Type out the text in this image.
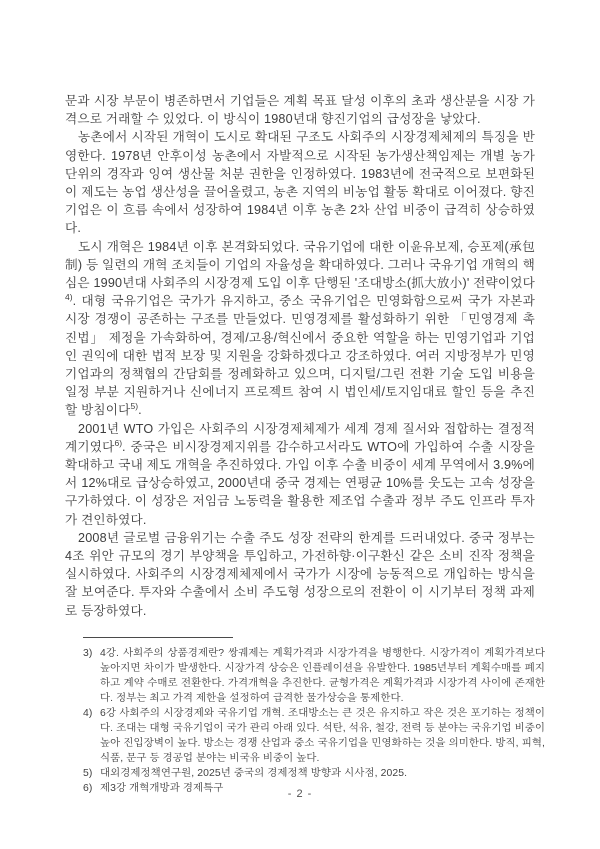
문과 시장 부문이 병존하면서 기업들은 계획 목표 달성 이후의 초과 생산분을 시장 가격으로 거래할 수 있었다. 이 방식이 1980년대 향진기업의 급성장을 낳았다.

농촌에서 시작된 개혁이 도시로 확대된 구조도 사회주의 시장경제체제의 특징을 반영한다. 1978년 안후이성 농촌에서 자발적으로 시작된 농가생산책임제는 개별 농가 단위의 경작과 잉여 생산물 처분 권한을 인정하였다. 1983년에 전국적으로 보편화된 이 제도는 농업 생산성을 끌어올렸고, 농촌 지역의 비농업 활동 확대로 이어졌다. 향진기업은 이 흐름 속에서 성장하여 1984년 이후 농촌 2차 산업 비중이 급격히 상승하였다.

도시 개혁은 1984년 이후 본격화되었다. 국유기업에 대한 이윤유보제, 승포제(承包制) 등 일련의 개혁 조치들이 기업의 자율성을 확대하였다. 그러나 국유기업 개혁의 핵심은 1990년대 사회주의 시장경제 도입 이후 단행된 '조대방소(抓大放小)' 전략이었다$^{4)}$. 대형 국유기업은 국가가 유지하고, 중소 국유기업은 민영화함으로써 국가 자본과 시장 경쟁이 공존하는 구조를 만들었다. 민영경제를 활성화하기 위한 「민영경제 촉진법」 제정을 가속화하여, 경제/고용/혁신에서 중요한 역할을 하는 민영기업과 기업인 권익에 대한 법적 보장 및 지원을 강화하겠다고 강조하였다. 여러 지방정부가 민영기업과의 정책협의 간담회를 정례화하고 있으며, 디지털/그린 전환 기술 도입 비용을 일정 부분 지원하거나 신에너지 프로젝트 참여 시 법인세/토지임대료 할인 등을 추진할 방침이다$^{5)}$.

2001년 WTO 가입은 사회주의 시장경제체제가 세계 경제 질서와 접합하는 결정적 계기였다$^{6)}$. 중국은 비시장경제지위를 감수하고서라도 WTO에 가입하여 수출 시장을 확대하고 국내 제도 개혁을 추진하였다. 가입 이후 수출 비중이 세계 무역에서 3.9%에서 12%대로 급상승하였고, 2000년대 중국 경제는 연평균 10%를 웃도는 고속 성장을 구가하였다. 이 성장은 저임금 노동력을 활용한 제조업 수출과 정부 주도 인프라 투자가 견인하였다.

2008년 글로벌 금융위기는 수출 주도 성장 전략의 한계를 드러내었다. 중국 정부는 4조 위안 규모의 경기 부양책을 투입하고, 가전하향·이구환신 같은 소비 진작 정책을 실시하였다. 사회주의 시장경제체제에서 국가가 시장에 능동적으로 개입하는 방식을 잘 보여준다. 투자와 수출에서 소비 주도형 성장으로의 전환이 이 시기부터 정책 과제로 등장하였다.

3) 4강. 사회주의 상품경제란? 쌍궤제는 계획가격과 시장가격을 병행한다. 시장가격이 계획가격보다 높아지면 차이가 발생한다. 시장가격 상승은 인플레이션을 유발한다. 1985년부터 계획수매를 폐지하고 계약 수매로 전환한다. 가격개혁을 추진한다. 균형가격은 계획가격과 시장가격 사이에 존재한다. 정부는 최고 가격 제한을 설정하여 급격한 물가상승을 통제한다.
4) 6강 사회주의 시장경제와 국유기업 개혁. 조대방소는 큰 것은 유지하고 작은 것은 포기하는 정책이다. 조대는 대형 국유기업이 국가 관리 아래 있다. 석탄, 석유, 철강, 전력 등 분야는 국유기업 비중이 높아 진입장벽이 높다. 방소는 경쟁 산업과 중소 국유기업을 민영화하는 것을 의미한다. 방직, 피혁, 식품, 문구 등 경공업 분야는 비국유 비중이 높다.
5) 대외경제정책연구원, 2025년 중국의 경제정책 방향과 시사점, 2025.
6) 제3강 개혁개방과 경제특구	- 2 -
